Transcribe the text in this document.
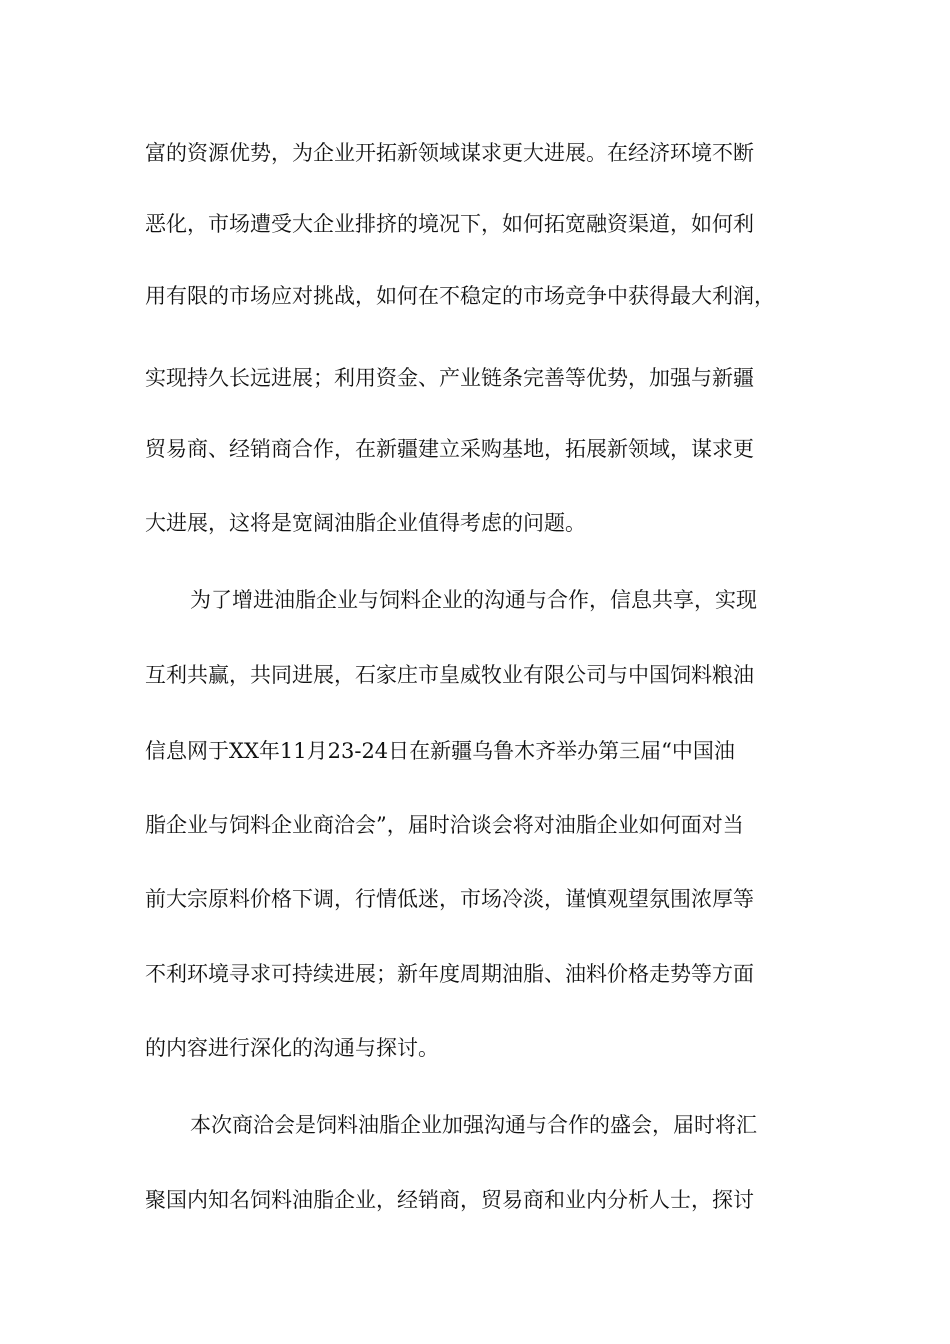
富的资源优势，为企业开拓新领域谋求更大进展。在经济环境不断
恶化，市场遭受大企业排挤的境况下，如何拓宽融资渠道，如何利
用有限的市场应对挑战，如何在不稳定的市场竞争中获得最大利润，
实现持久长远进展；利用资金、产业链条完善等优势，加强与新疆
贸易商、经销商合作，在新疆建立采购基地，拓展新领域，谋求更
大进展，这将是宽阔油脂企业值得考虑的问题。
为了增进油脂企业与饲料企业的沟通与合作，信息共享，实现
互利共赢，共同进展，石家庄市皇威牧业有限公司与中国饲料粮油
信息网于XX年11月23-24日在新疆乌鲁木齐举办第三届“中国油
脂企业与饲料企业商洽会”，届时洽谈会将对油脂企业如何面对当
前大宗原料价格下调，行情低迷，市场冷淡，谨慎观望氛围浓厚等
不利环境寻求可持续进展；新年度周期油脂、油料价格走势等方面
的内容进行深化的沟通与探讨。
本次商洽会是饲料油脂企业加强沟通与合作的盛会，届时将汇
聚国内知名饲料油脂企业，经销商，贸易商和业内分析人士，探讨
